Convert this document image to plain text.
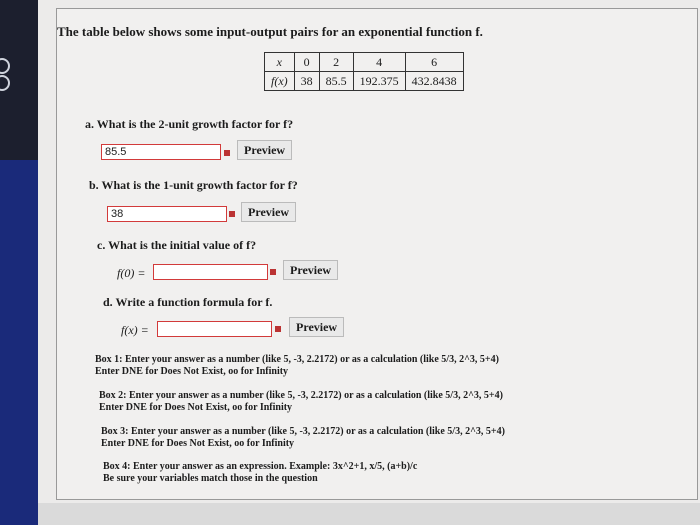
The table below shows some input-output pairs for an exponential function f.
x	0	2	4	6
f(x)	38	85.5	192.375	432.8438
a. What is the 2-unit growth factor for f?
85.5	Preview
b. What is the 1-unit growth factor for f?
38	Preview
c. What is the initial value of f?
f(0) =	Preview
d. Write a function formula for f.
f(x) =	Preview
Box 1: Enter your answer as a number (like 5, -3, 2.2172) or as a calculation (like 5/3, 2^3, 5+4)
Enter DNE for Does Not Exist, oo for Infinity
Box 2: Enter your answer as a number (like 5, -3, 2.2172) or as a calculation (like 5/3, 2^3, 5+4)
Enter DNE for Does Not Exist, oo for Infinity
Box 3: Enter your answer as a number (like 5, -3, 2.2172) or as a calculation (like 5/3, 2^3, 5+4)
Enter DNE for Does Not Exist, oo for Infinity
Box 4: Enter your answer as an expression. Example: 3x^2+1, x/5, (a+b)/c
Be sure your variables match those in the question
